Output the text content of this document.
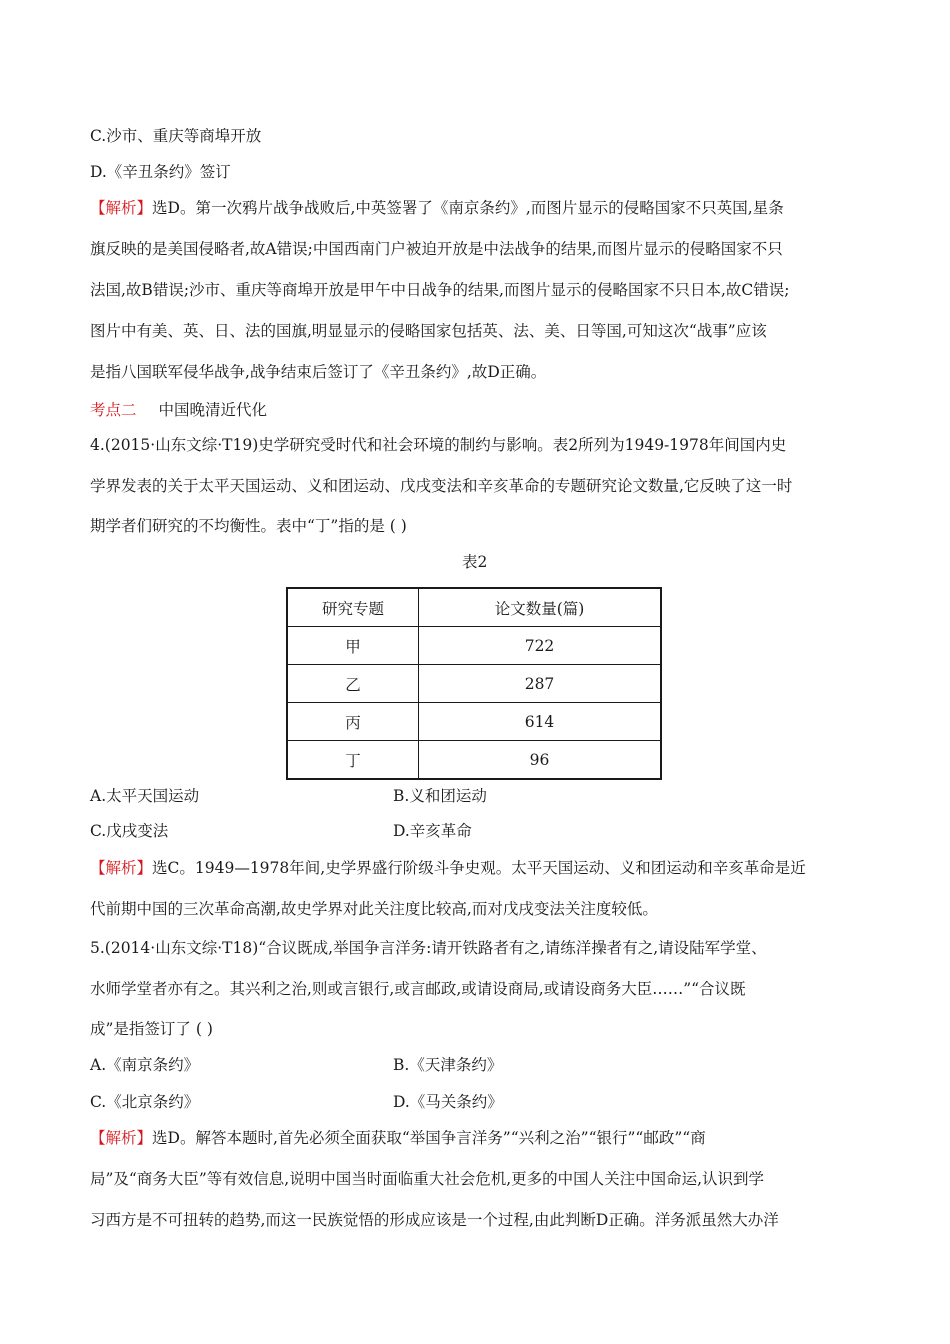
C.沙市、重庆等商埠开放
D.《辛丑条约》签订
【解析】选D。第一次鸦片战争战败后,中英签署了《南京条约》,而图片显示的侵略国家不只英国,星条
旗反映的是美国侵略者,故A错误;中国西南门户被迫开放是中法战争的结果,而图片显示的侵略国家不只
法国,故B错误;沙市、重庆等商埠开放是甲午中日战争的结果,而图片显示的侵略国家不只日本,故C错误;
图片中有美、英、日、法的国旗,明显显示的侵略国家包括英、法、美、日等国,可知这次“战事”应该
是指八国联军侵华战争,战争结束后签订了《辛丑条约》,故D正确。
考点二 中国晚清近代化
4.(2015·山东文综·T19)史学研究受时代和社会环境的制约与影响。表2所列为1949-1978年间国内史
学界发表的关于太平天国运动、义和团运动、戊戌变法和辛亥革命的专题研究论文数量,它反映了这一时
期学者们研究的不均衡性。表中“丁”指的是 ( )
表2
研究专题	论文数量(篇)
甲	722
乙	287
丙	614
丁	96
A.太平天国运动	B.义和团运动
C.戊戌变法	D.辛亥革命
【解析】选C。1949—1978年间,史学界盛行阶级斗争史观。太平天国运动、义和团运动和辛亥革命是近
代前期中国的三次革命高潮,故史学界对此关注度比较高,而对戊戌变法关注度较低。
5.(2014·山东文综·T18)“合议既成,举国争言洋务:请开铁路者有之,请练洋操者有之,请设陆军学堂、
水师学堂者亦有之。其兴利之治,则或言银行,或言邮政,或请设商局,或请设商务大臣……”“合议既
成”是指签订了 ( )
A.《南京条约》	B.《天津条约》
C.《北京条约》	D.《马关条约》
【解析】选D。解答本题时,首先必须全面获取“举国争言洋务”“兴利之治”“银行”“邮政”“商
局”及“商务大臣”等有效信息,说明中国当时面临重大社会危机,更多的中国人关注中国命运,认识到学
习西方是不可扭转的趋势,而这一民族觉悟的形成应该是一个过程,由此判断D正确。洋务派虽然大办洋
